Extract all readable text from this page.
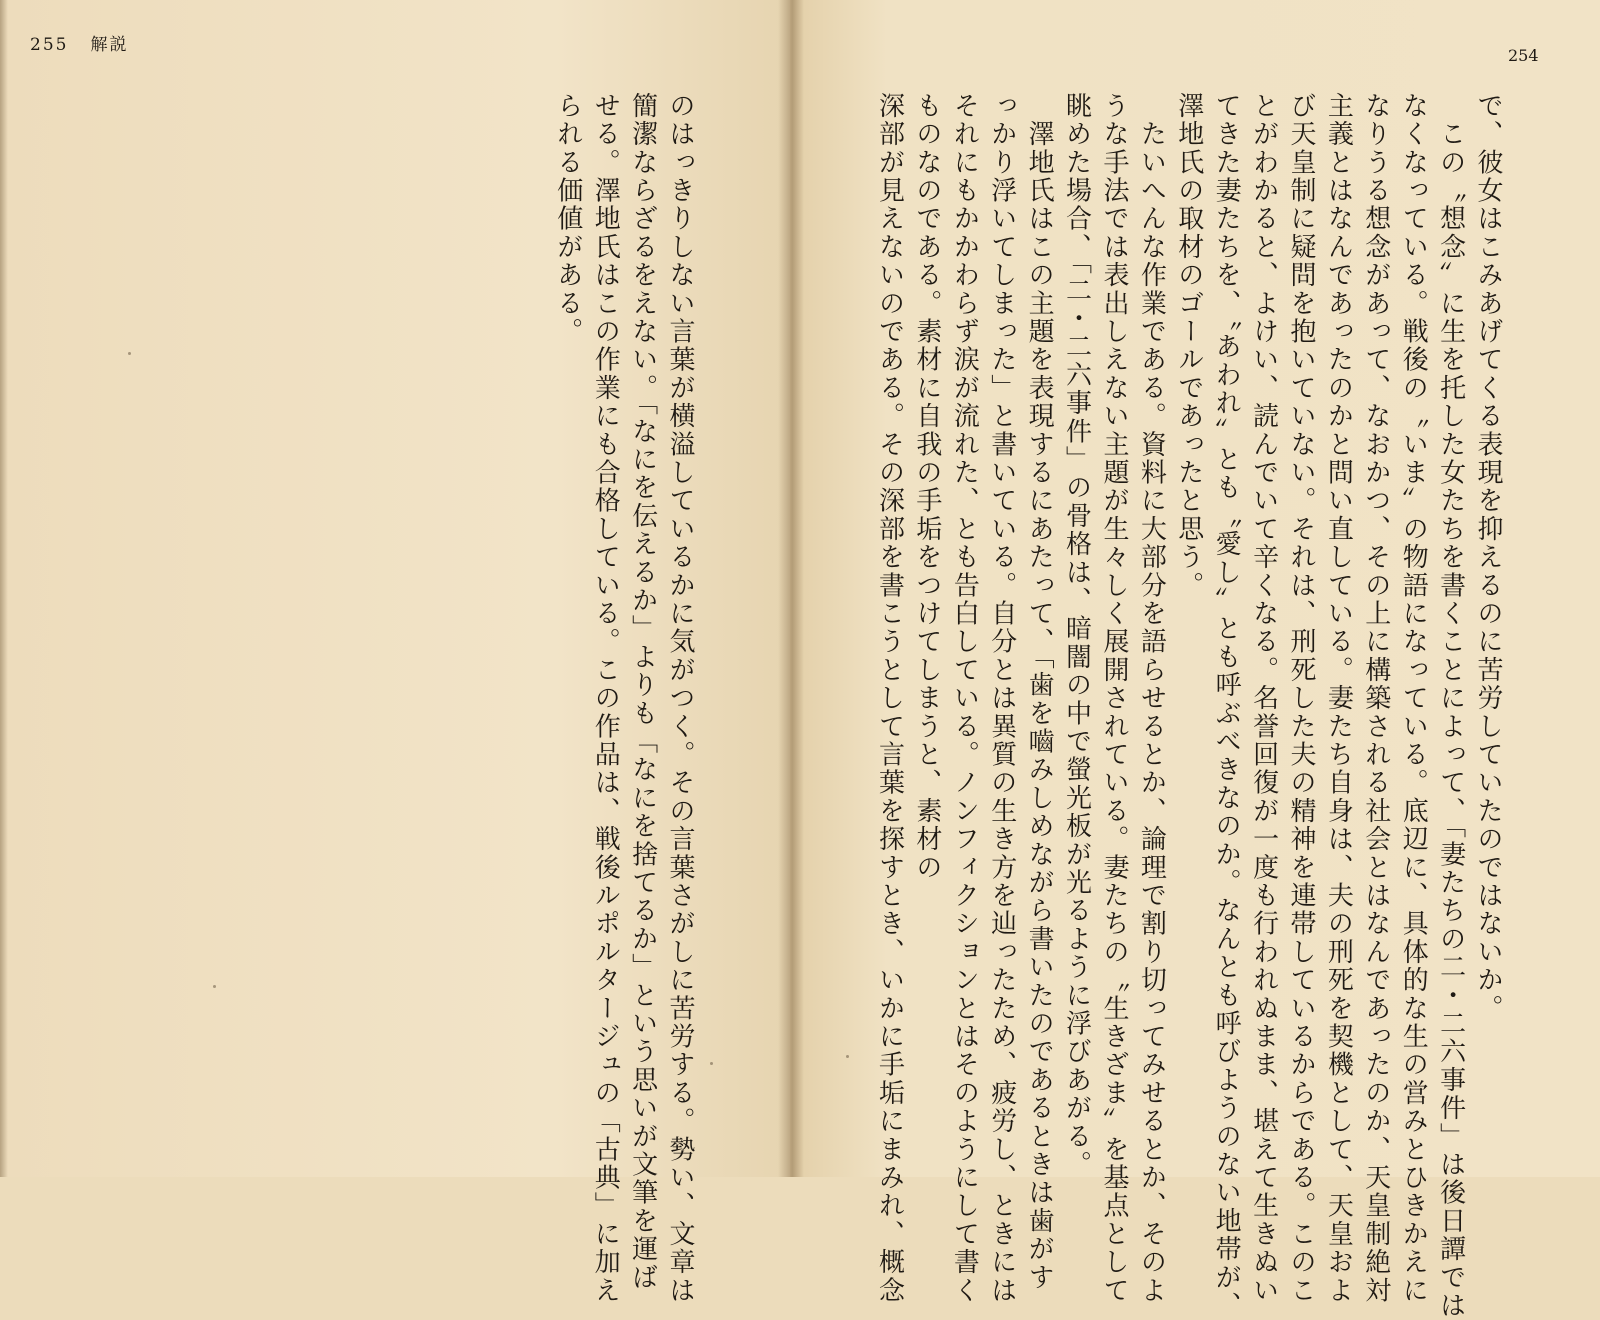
255 解説
254
で、彼女はこみあげてくる表現を抑えるのに苦労していたのではないか。
　この〝想念〟に生を托した女たちを書くことによって、「妻たちの二・二六事件」は後日譚では
なくなっている。戦後の〝いま〟の物語になっている。底辺に、具体的な生の営みとひきかえに
なりうる想念があって、なおかつ、その上に構築される社会とはなんであったのか、天皇制絶対
主義とはなんであったのかと問い直している。妻たち自身は、夫の刑死を契機として、天皇およ
び天皇制に疑問を抱いていない。それは、刑死した夫の精神を連帯しているからである。このこ
とがわかると、よけい、読んでいて辛くなる。名誉回復が一度も行われぬまま、堪えて生きぬい
てきた妻たちを、〝あわれ〟とも〝愛し〟とも呼ぶべきなのか。なんとも呼びようのない地帯が、
澤地氏の取材のゴールであったと思う。
　たいへんな作業である。資料に大部分を語らせるとか、論理で割り切ってみせるとか、そのよ
うな手法では表出しえない主題が生々しく展開されている。妻たちの〝生きざま〟を基点として
眺めた場合、「二・二六事件」の骨格は、暗闇の中で螢光板が光るように浮びあがる。
　澤地氏はこの主題を表現するにあたって、「歯を嚙みしめながら書いたのであるときは歯がす
っかり浮いてしまった」と書いている。自分とは異質の生き方を辿ったため、疲労し、ときには
それにもかかわらず涙が流れた、とも告白している。ノンフィクションとはそのようにして書く
ものなのである。素材に自我の手垢をつけてしまうと、素材の
深部が見えないのである。その深部を書こうとして言葉を探すとき、いかに手垢にまみれ、概念
のはっきりしない言葉が横溢しているかに気がつく。その言葉さがしに苦労する。勢い、文章は
簡潔ならざるをえない。「なにを伝えるか」よりも「なにを捨てるか」という思いが文筆を運ば
せる。澤地氏はこの作業にも合格している。この作品は、戦後ルポルタージュの「古典」に加え
られる価値がある。
